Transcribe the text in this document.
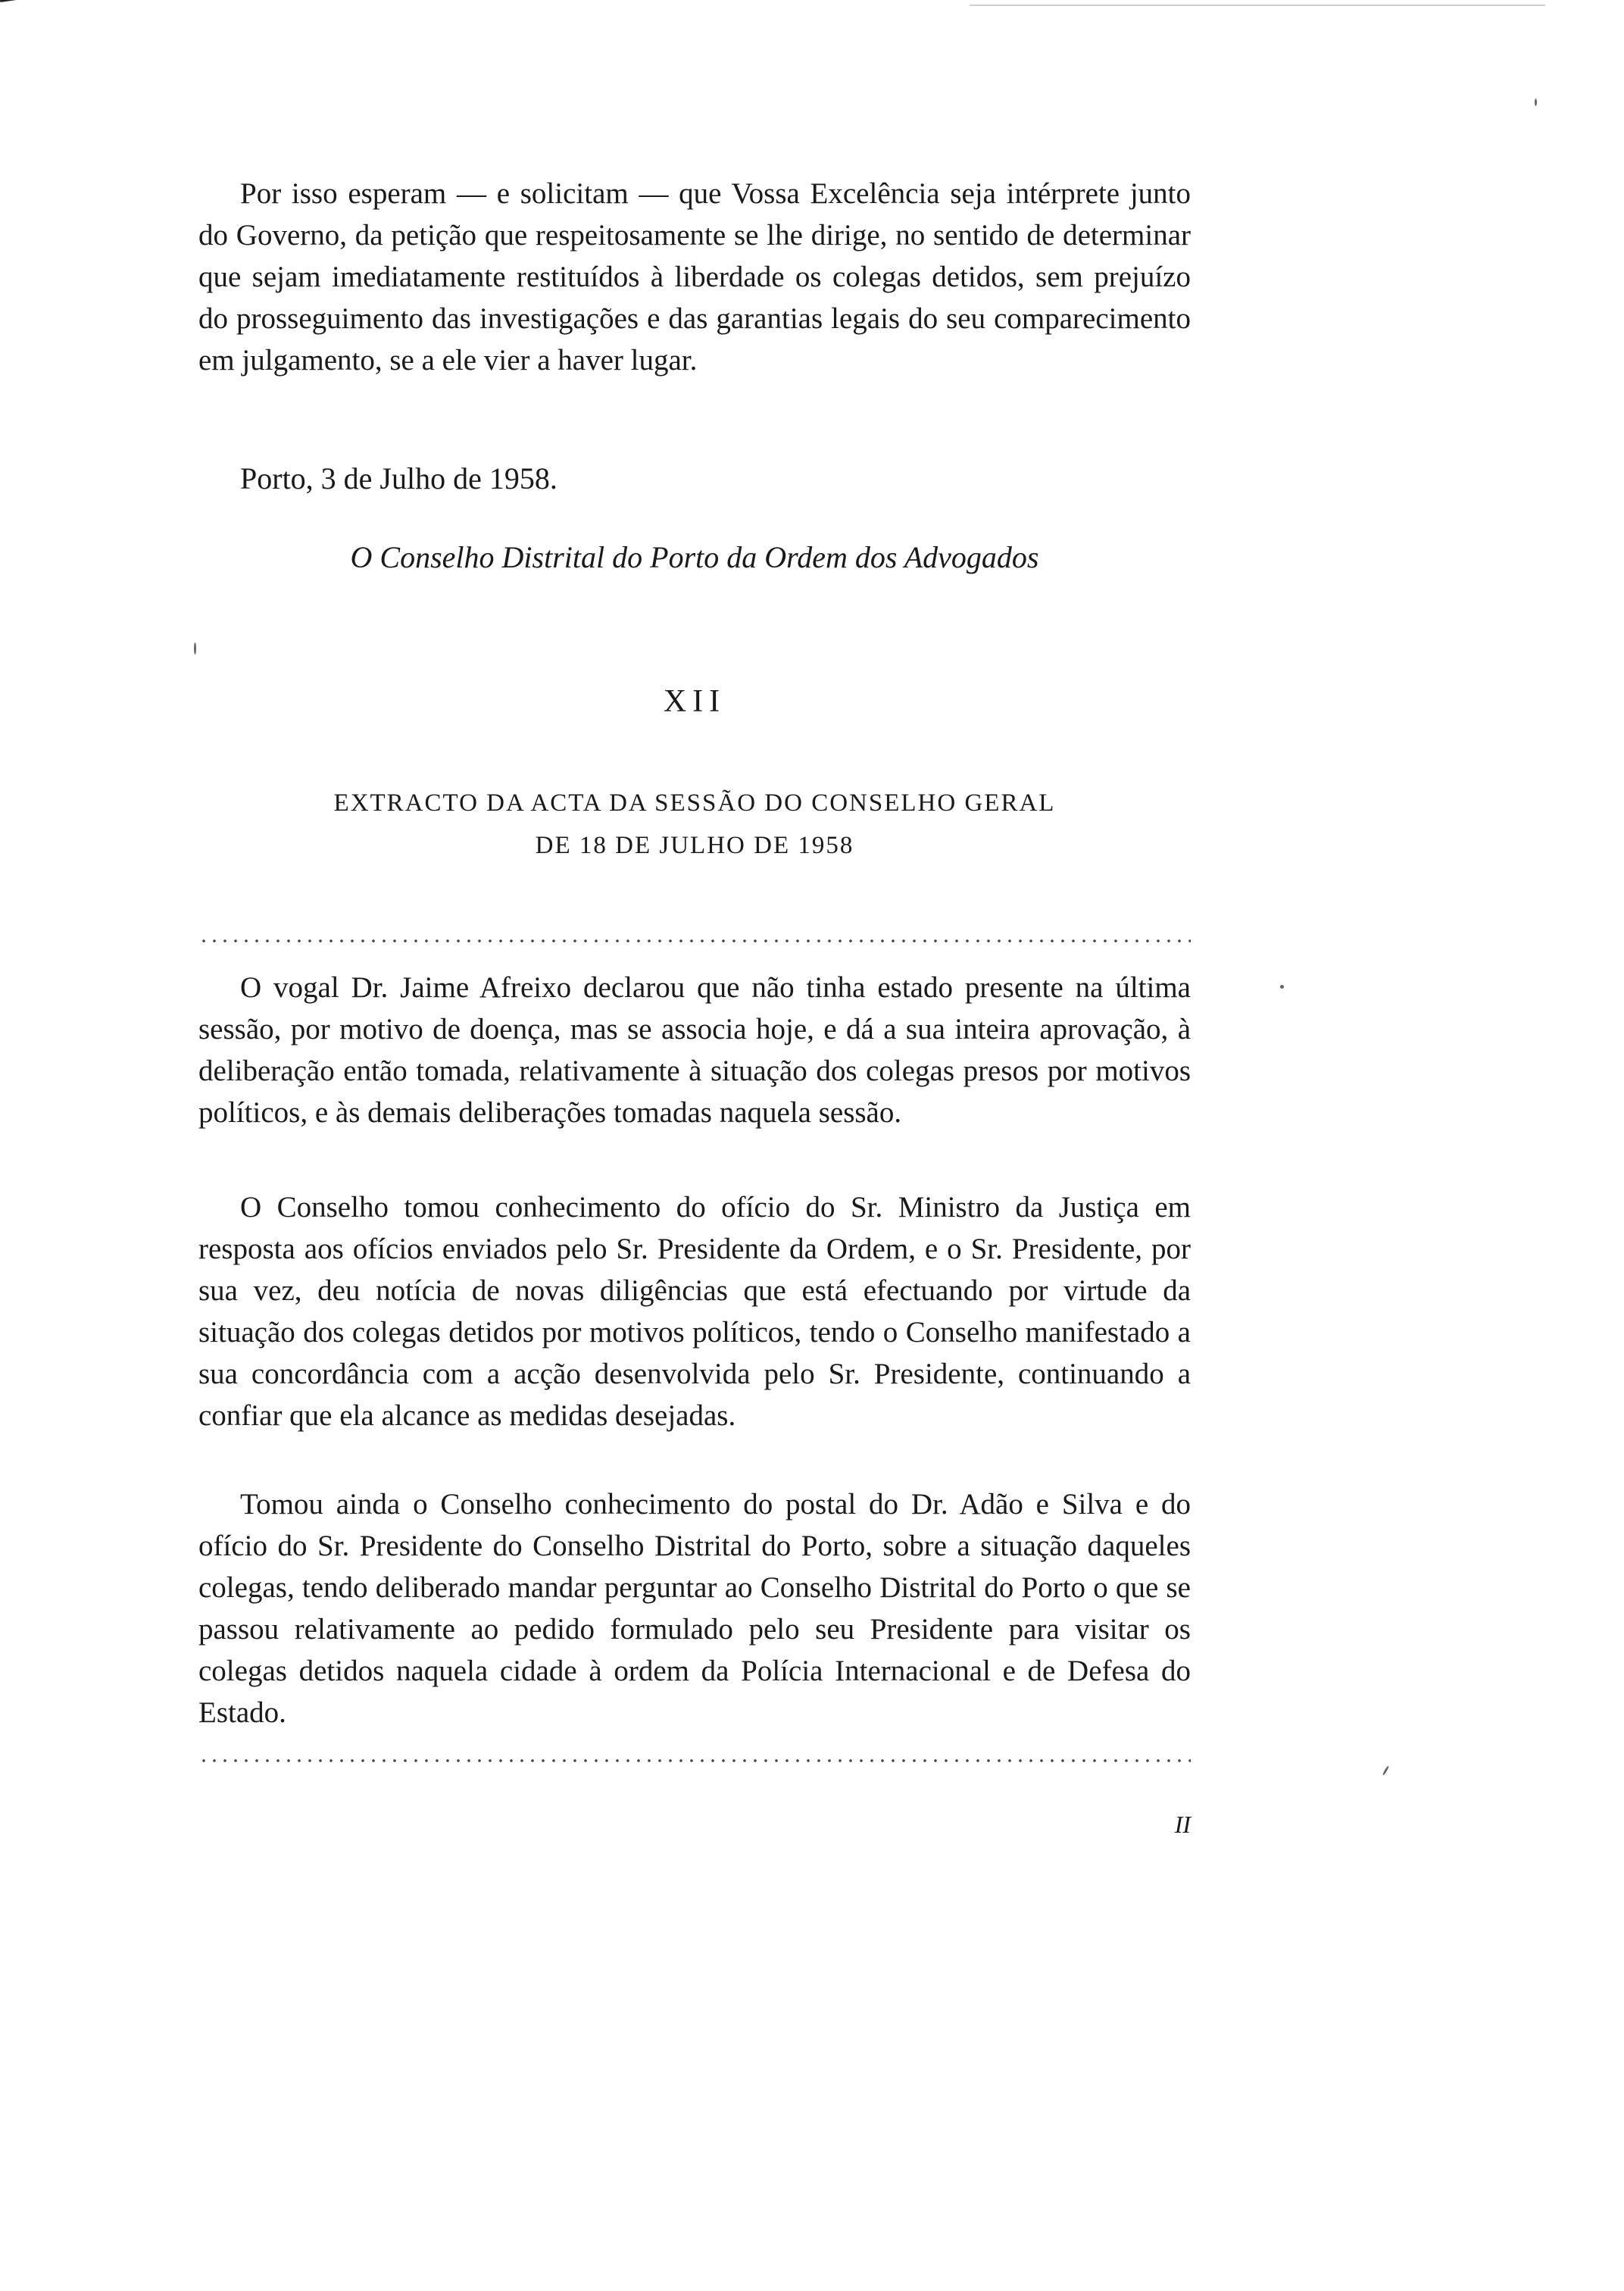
Por isso esperam — e solicitam — que Vossa Excelência seja intérprete junto do Governo, da petição que respeitosamente se lhe dirige, no sentido de determinar que sejam imediatamente restituídos à liberdade os colegas detidos, sem prejuízo do prosseguimento das investigações e das garantias legais do seu comparecimento em julgamento, se a ele vier a haver lugar.

Porto, 3 de Julho de 1958.

O Conselho Distrital do Porto da Ordem dos Advogados

XII

EXTRACTO DA ACTA DA SESSÃO DO CONSELHO GERAL
DE 18 DE JULHO DE 1958

O vogal Dr. Jaime Afreixo declarou que não tinha estado presente na última sessão, por motivo de doença, mas se associa hoje, e dá a sua inteira aprovação, à deliberação então tomada, relativamente à situação dos colegas presos por motivos políticos, e às demais deliberações tomadas naquela sessão.

O Conselho tomou conhecimento do ofício do Sr. Ministro da Justiça em resposta aos ofícios enviados pelo Sr. Presidente da Ordem, e o Sr. Presidente, por sua vez, deu notícia de novas diligências que está efectuando por virtude da situação dos colegas detidos por motivos políticos, tendo o Conselho manifestado a sua concordância com a acção desenvolvida pelo Sr. Presidente, continuando a confiar que ela alcance as medidas desejadas.

Tomou ainda o Conselho conhecimento do postal do Dr. Adão e Silva e do ofício do Sr. Presidente do Conselho Distrital do Porto, sobre a situação daqueles colegas, tendo deliberado mandar perguntar ao Conselho Distrital do Porto o que se passou relativamente ao pedido formulado pelo seu Presidente para visitar os colegas detidos naquela cidade à ordem da Polícia Internacional e de Defesa do Estado.

II
